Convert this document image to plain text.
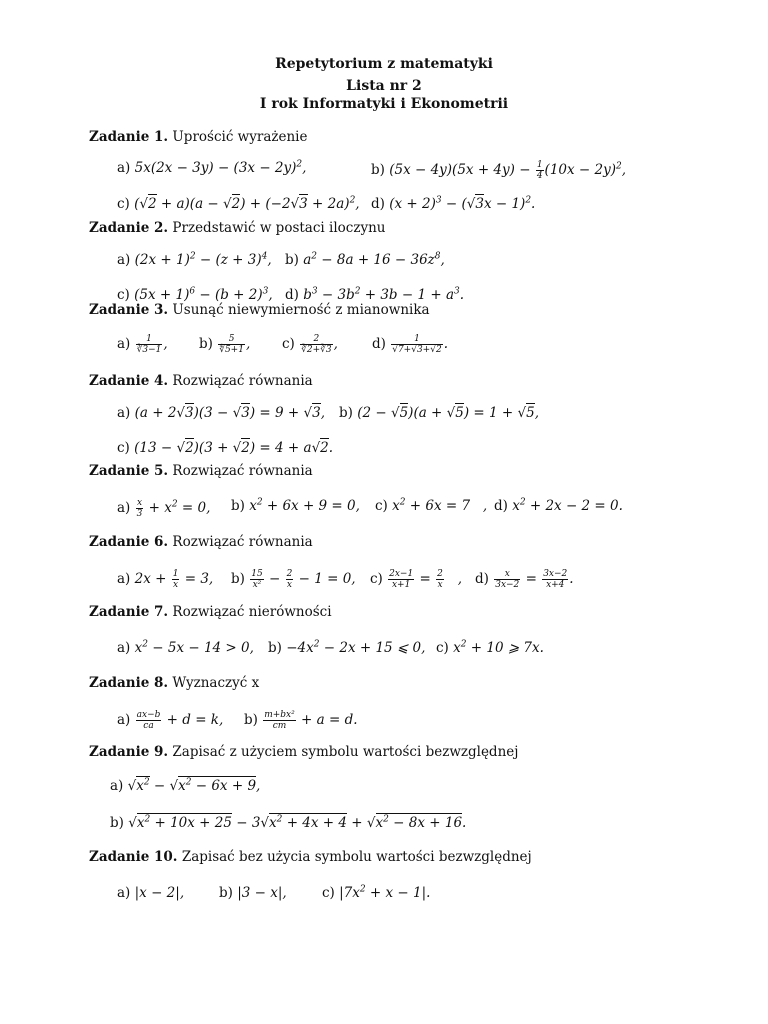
Repetytorium z matematyki
Lista nr 2
I rok Informatyki i Ekonometrii
Zadanie 1. Uprościć wyrażenie
a) $5x(2x - 3y) - (3x - 2y)^2$,	b) $(5x - 4y)(5x + 4y) - \frac{1}{4} (10x - 2y)^2$,
c) $(√2 + a)(a - √2) + (-2√3 + 2a)^2$, d) $(x + 2)^3 - (√3x - 1)^2$.
Zadanie 2. Przedstawić w postaci iloczynu
a) $(2x + 1)^2 - (z + 3)^4$, b) $a^2 - 8a + 16 - 36z^8$,
c) $(5x + 1)^6 - (b + 2)^3$, d) $b^3 - 3b^2 + 3b - 1 + a^3$.
Zadanie 3. Usunąć niewymierność z mianownika
$a) \frac{1}{∛3-1}$ , $b) \frac{5}{∜5+1}$ , $c) \frac{2}{∛2+∛3}$ ,	$d) \frac{1}{√7+√3+√2}$ .
Zadanie 4. Rozwiązać równania
a) (a + 2√3)(3 − √3) = 9 + √3, b) (2 − √5)(a + √5) = 1 + √5,
c) (13 − √2)(3 + √2) = 4 + a√2.
Zadanie 5. Rozwiązać równania
$a) \frac{x}{3} + x^2 = 0$, b) $x^2 + 6x + 9 = 0$, c) $x^2 + 6x = 7$   , d) $x^2 + 2x - 2 = 0$.
Zadanie 6. Rozwiązać równania
a) $2x + \frac{1}{x} = 3$, $b) \frac{15}{\text{x²}} - \frac{2}{x} - 1 = 0$, $c) \frac{2x-1}{x+1} = \frac{2}{x}$ , $d) \frac{x}{3x-2} = \frac{3x-2}{x+4}$ .
Zadanie 7. Rozwiązać nierówności
a) $x^2 - 5x - 14 > 0$, $b) -4x^2 - 2x + 15$ ⩽ 0, c) $x^2 + 10$ ⩾ 7x.
Zadanie 8. Wyznaczyć x
$a) \frac{ax-b}{ca} + d = k$, $b) \frac{\text{m+bx²}}{cm} + a = d$.
Zadanie 9. Zapisać z użyciem symbolu wartości bezwzględnej
a) $√x^2 - √x^2 - 6x + 9$,
b) $√x^2 + 10x + 25 - 3√x^2 + 4x + 4 + √x^2 - 8x + 16$.
Zadanie 10. Zapisać bez użycia symbolu wartości bezwzględnej
a) |x − 2|,	b) |3 − x|,	c) $|7x^2 + x - 1|$.
